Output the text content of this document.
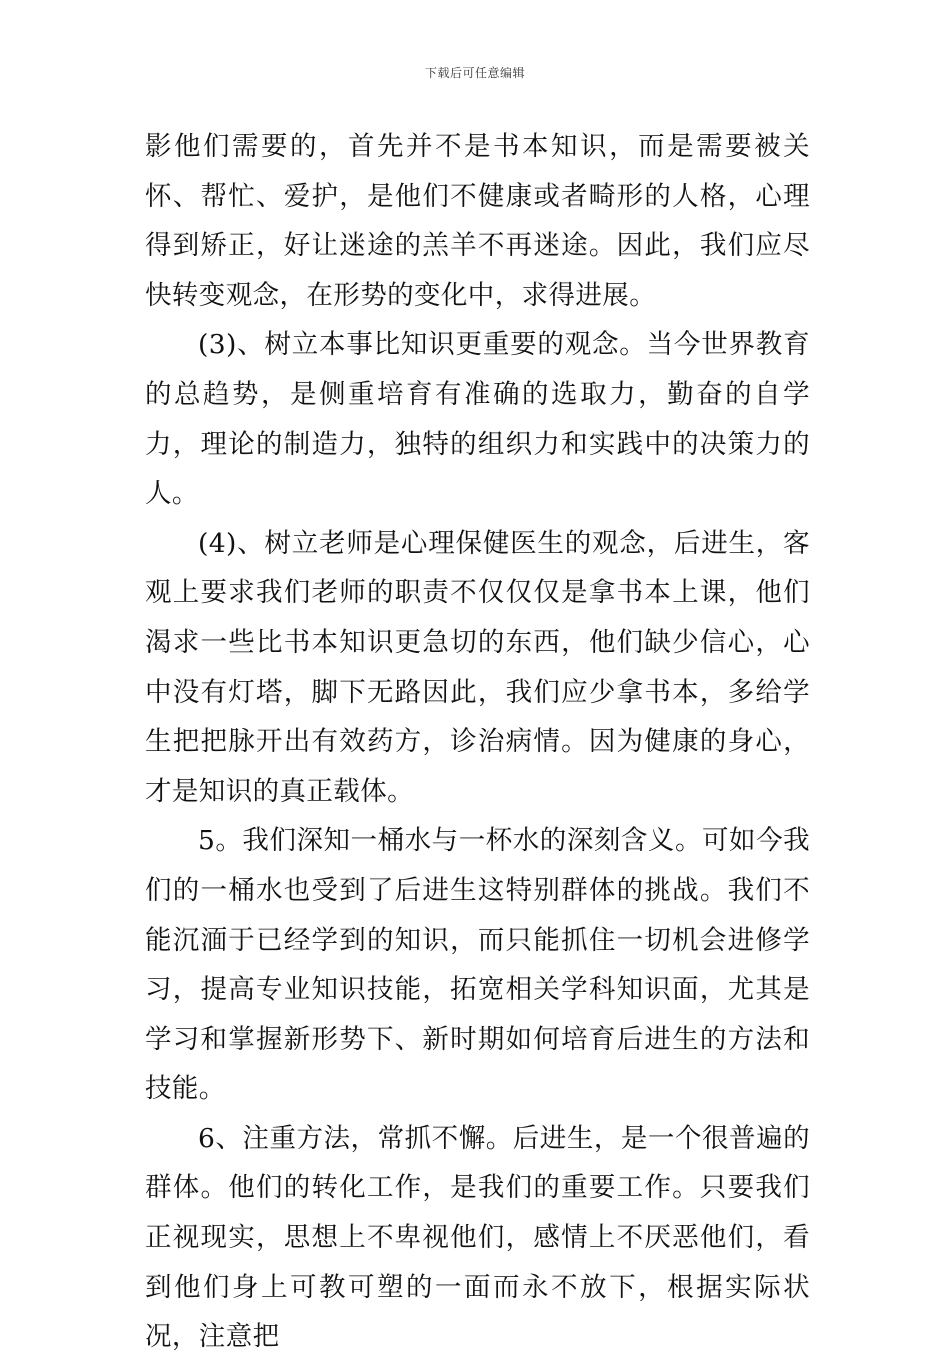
下载后可任意编辑

影他们需要的，首先并不是书本知识，而是需要被关怀、帮忙、爱护，是他们不健康或者畸形的人格，心理得到矫正，好让迷途的羔羊不再迷途。因此，我们应尽快转变观念，在形势的变化中，求得进展。

(3)、树立本事比知识更重要的观念。当今世界教育的总趋势，是侧重培育有准确的选取力，勤奋的自学力，理论的制造力，独特的组织力和实践中的决策力的人。

(4)、树立老师是心理保健医生的观念，后进生，客观上要求我们老师的职责不仅仅仅是拿书本上课，他们渴求一些比书本知识更急切的东西，他们缺少信心，心中没有灯塔，脚下无路因此，我们应少拿书本，多给学生把把脉开出有效药方，诊治病情。因为健康的身心，才是知识的真正载体。

5。我们深知一桶水与一杯水的深刻含义。可如今我们的一桶水也受到了后进生这特别群体的挑战。我们不能沉湎于已经学到的知识，而只能抓住一切机会进修学习，提高专业知识技能，拓宽相关学科知识面，尤其是学习和掌握新形势下、新时期如何培育后进生的方法和技能。

6、注重方法，常抓不懈。后进生，是一个很普遍的群体。他们的转化工作，是我们的重要工作。只要我们正视现实，思想上不卑视他们，感情上不厌恶他们，看到他们身上可教可塑的一面而永不放下，根据实际状况，注意把
